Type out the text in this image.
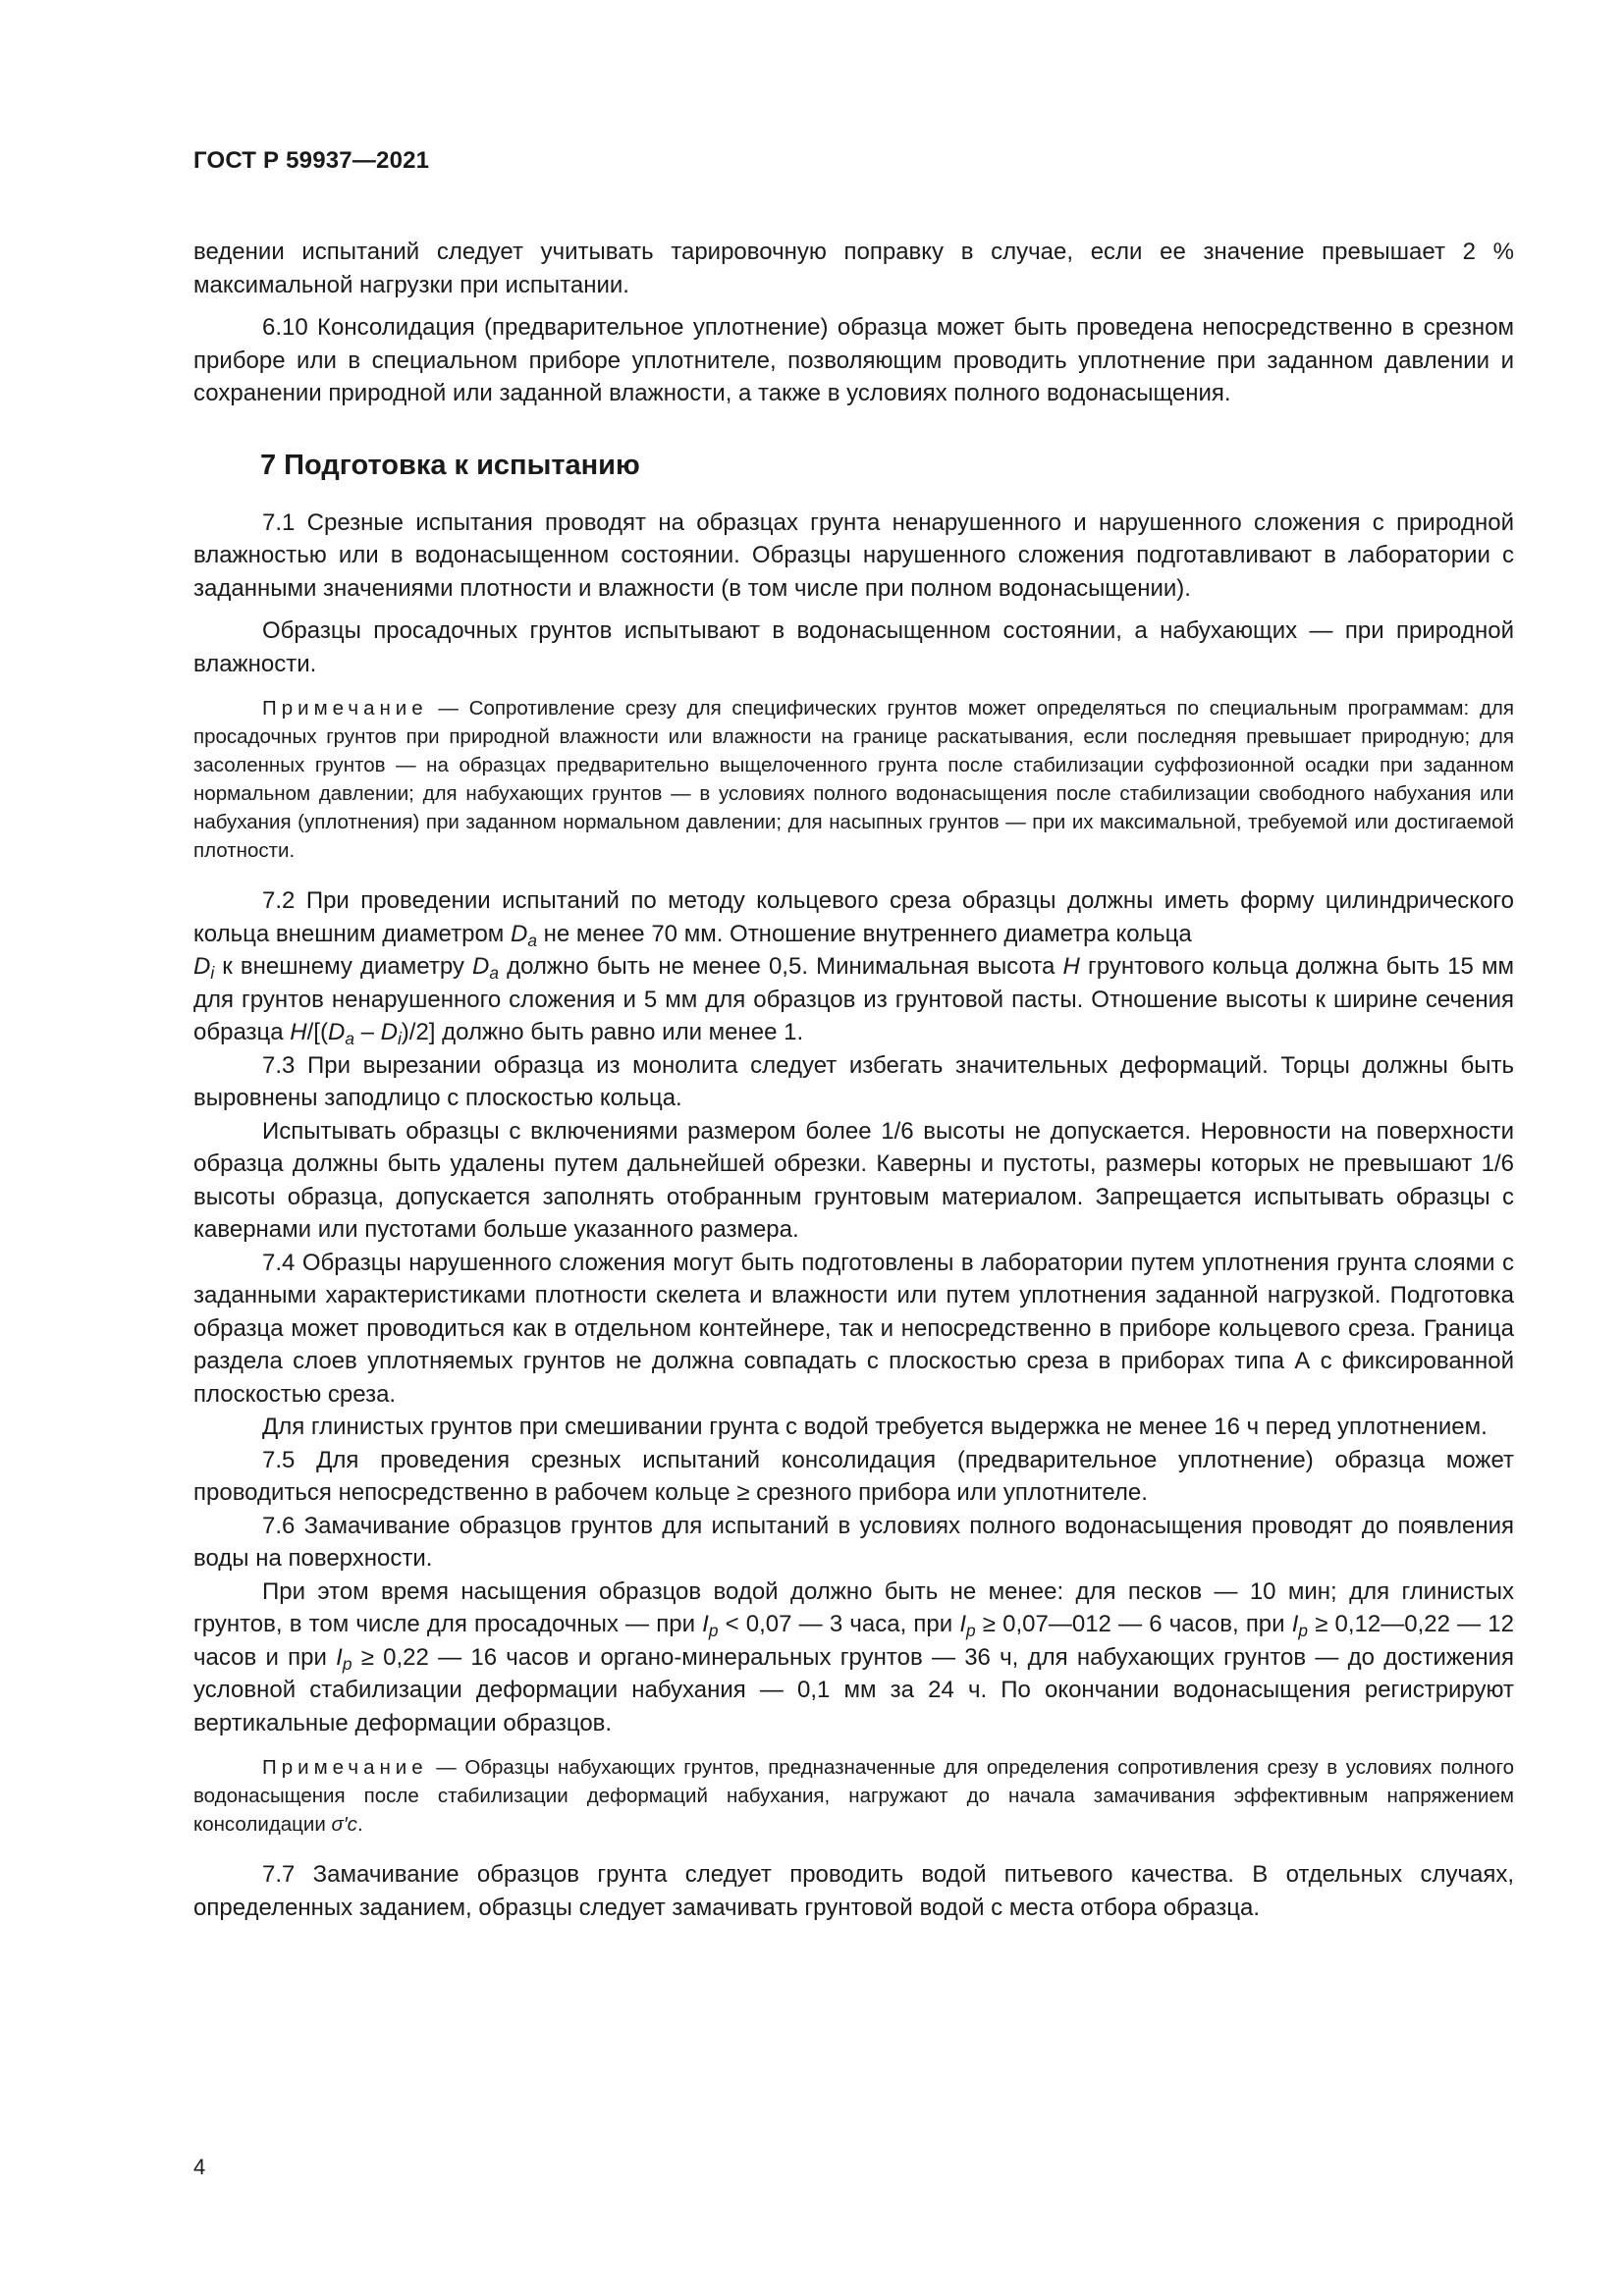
ГОСТ Р 59937—2021

ведении испытаний следует учитывать тарировочную поправку в случае, если ее значение превышает 2 % максимальной нагрузки при испытании.

6.10 Консолидация (предварительное уплотнение) образца может быть проведена непосредственно в срезном приборе или в специальном приборе уплотнителе, позволяющим проводить уплотнение при заданном давлении и сохранении природной или заданной влажности, а также в условиях полного водонасыщения.

7 Подготовка к испытанию

7.1 Срезные испытания проводят на образцах грунта ненарушенного и нарушенного сложения с природной влажностью или в водонасыщенном состоянии. Образцы нарушенного сложения подготавливают в лаборатории с заданными значениями плотности и влажности (в том числе при полном водонасыщении).

Образцы просадочных грунтов испытывают в водонасыщенном состоянии, а набухающих — при природной влажности.

Примечание — Сопротивление срезу для специфических грунтов может определяться по специальным программам: для просадочных грунтов при природной влажности или влажности на границе раскатывания, если последняя превышает природную; для засоленных грунтов — на образцах предварительно выщелоченного грунта после стабилизации суффозионной осадки при заданном нормальном давлении; для набухающих грунтов — в условиях полного водонасыщения после стабилизации свободного набухания или набухания (уплотнения) при заданном нормальном давлении; для насыпных грунтов — при их максимальной, требуемой или достигаемой плотности.

7.2 При проведении испытаний по методу кольцевого среза образцы должны иметь форму цилиндрического кольца внешним диаметром $D_a$ не менее 70 мм. Отношение внутреннего диаметра кольца
$D_i$ к внешнему диаметру $D_a$ должно быть не менее 0,5. Минимальная высота H грунтового кольца должна быть 15 мм для грунтов ненарушенного сложения и 5 мм для образцов из грунтовой пасты. Отношение высоты к ширине сечения образца $H/[(D_a - D_i)/2]$ должно быть равно или менее 1.

7.3 При вырезании образца из монолита следует избегать значительных деформаций. Торцы должны быть выровнены заподлицо с плоскостью кольца.

Испытывать образцы с включениями размером более 1/6 высоты не допускается. Неровности на поверхности образца должны быть удалены путем дальнейшей обрезки. Каверны и пустоты, размеры которых не превышают 1/6 высоты образца, допускается заполнять отобранным грунтовым материалом. Запрещается испытывать образцы с кавернами или пустотами больше указанного размера.

7.4 Образцы нарушенного сложения могут быть подготовлены в лаборатории путем уплотнения грунта слоями с заданными характеристиками плотности скелета и влажности или путем уплотнения заданной нагрузкой. Подготовка образца может проводиться как в отдельном контейнере, так и непосредственно в приборе кольцевого среза. Граница раздела слоев уплотняемых грунтов не должна совпадать с плоскостью среза в приборах типа А с фиксированной плоскостью среза.

Для глинистых грунтов при смешивании грунта с водой требуется выдержка не менее 16 ч перед уплотнением.

7.5 Для проведения срезных испытаний консолидация (предварительное уплотнение) образца может проводиться непосредственно в рабочем кольце ≥ срезного прибора или уплотнителе.

7.6 Замачивание образцов грунтов для испытаний в условиях полного водонасыщения проводят до появления воды на поверхности.

При этом время насыщения образцов водой должно быть не менее: для песков — 10 мин; для глинистых грунтов, в том числе для просадочных — при $I_p < 0,07$ — 3 часа, при $I_p$ ≥ 0,07—012 — 6 часов, при $I_p$ ≥ 0,12—0,22 — 12 часов и при $I_p \ge 0,22$ — 16 часов и органо-минеральных грунтов — 36 ч, для набухающих грунтов — до достижения условной стабилизации деформации набухания — 0,1 мм за 24 ч. По окончании водонасыщения регистрируют вертикальные деформации образцов.

Примечание — Образцы набухающих грунтов, предназначенные для определения сопротивления срезу в условиях полного водонасыщения после стабилизации деформаций набухания, нагружают до начала замачивания эффективным напряжением консолидации σ′c.

7.7 Замачивание образцов грунта следует проводить водой питьевого качества. В отдельных случаях, определенных заданием, образцы следует замачивать грунтовой водой с места отбора образца.

4
